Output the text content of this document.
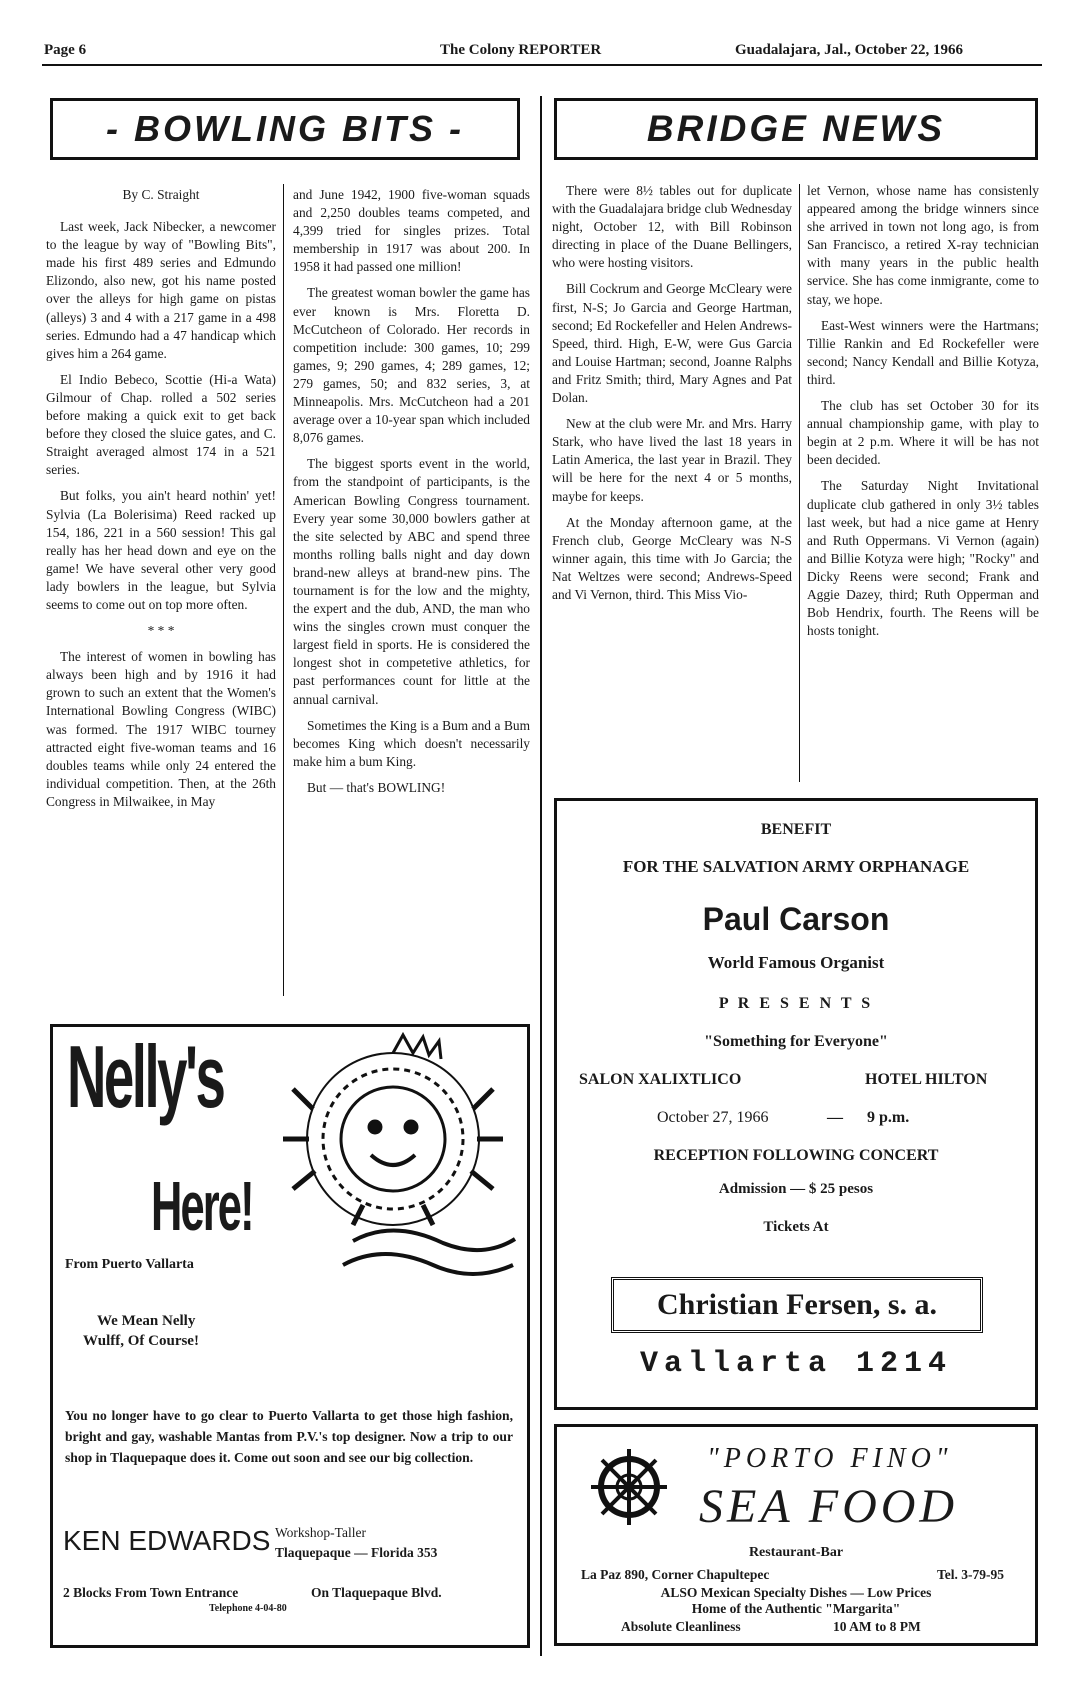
Page 6	The Colony REPORTER	Guadalajara, Jal., October 22, 1966
- BOWLING BITS -	BRIDGE NEWS

By C. Straight

Last week, Jack Nibecker, a newcomer to the league by way of "Bowling Bits", made his first 489 series and Edmundo Elizondo, also new, got his name posted over the alleys for high game on pistas (alleys) 3 and 4 with a 217 game in a 498 series. Edmundo had a 47 handicap which gives him a 264 game.

El Indio Bebeco, Scottie (Hi-a Wata) Gilmour of Chap. rolled a 502 series before making a quick exit to get back before they closed the sluice gates, and C. Straight averaged almost 174 in a 521 series.

But folks, you ain't heard nothin' yet! Sylvia (La Bolerisima) Reed racked up 154, 186, 221 in a 560 session! This gal really has her head down and eye on the game! We have several other very good lady bowlers in the league, but Sylvia seems to come out on top more often.

* * *

The interest of women in bowling has always been high and by 1916 it had grown to such an extent that the Women's International Bowling Congress (WIBC) was formed. The 1917 WIBC tourney attracted eight five-woman teams and 16 doubles teams while only 24 entered the individual competition. Then, at the 26th Congress in Milwaikee, in May

and June 1942, 1900 five-woman squads and 2,250 doubles teams competed, and 4,399 tried for singles prizes. Total membership in 1917 was about 200. In 1958 it had passed one million!

The greatest woman bowler the game has ever known is Mrs. Floretta D. McCutcheon of Colorado. Her records in competition include: 300 games, 10; 299 games, 9; 290 games, 4; 289 games, 12; 279 games, 50; and 832 series, 3, at Minneapolis. Mrs. McCutcheon had a 201 average over a 10-year span which included 8,076 games.

The biggest sports event in the world, from the standpoint of participants, is the American Bowling Congress tournament. Every year some 30,000 bowlers gather at the site selected by ABC and spend three months rolling balls night and day down brand-new alleys at brand-new pins. The tournament is for the low and the mighty, the expert and the dub, AND, the man who wins the singles crown must conquer the largest field in sports. He is considered the longest shot in competetive athletics, for past performances count for little at the annual carnival.

Sometimes the King is a Bum and a Bum becomes King which doesn't necessarily make him a bum King.

But — that's BOWLING!

There were 8½ tables out for duplicate with the Guadalajara bridge club Wednesday night, October 12, with Bill Robinson directing in place of the Duane Bellingers, who were hosting visitors.

Bill Cockrum and George McCleary were first, N-S; Jo Garcia and George Hartman, second; Ed Rockefeller and Helen Andrews-Speed, third. High, E-W, were Gus Garcia and Louise Hartman; second, Joanne Ralphs and Fritz Smith; third, Mary Agnes and Pat Dolan.

New at the club were Mr. and Mrs. Harry Stark, who have lived the last 18 years in Latin America, the last year in Brazil. They will be here for the next 4 or 5 months, maybe for keeps.

At the Monday afternoon game, at the French club, George McCleary was N-S winner again, this time with Jo Garcia; the Nat Weltzes were second; Andrews-Speed and Vi Vernon, third. This Miss Vio-

let Vernon, whose name has consistenly appeared among the bridge winners since she arrived in town not long ago, is from San Francisco, a retired X-ray technician with many years in the public health service. She has come inmigrante, come to stay, we hope.

East-West winners were the Hartmans; Tillie Rankin and Ed Rockefeller were second; Nancy Kendall and Billie Kotyza, third.

The club has set October 30 for its annual championship game, with play to begin at 2 p.m. Where it will be has not been decided.

The Saturday Night Invitational duplicate club gathered in only 3½ tables last week, but had a nice game at Henry and Ruth Oppermans. Vi Vernon (again) and Billie Kotyza were high; "Rocky" and Dicky Reens were second; Frank and Aggie Dazey, third; Ruth Opperman and Bob Hendrix, fourth. The Reens will be hosts tonight.

Nelly's
Here!
From Puerto Vallarta
We Mean Nelly
Wulff, Of Course!
You no longer have to go clear to Puerto Vallarta to get those high fashion, bright and gay, washable Mantas from P.V.'s top designer. Now a trip to our shop in Tlaquepaque does it. Come out soon and see our big collection.
KEN EDWARDS Workshop-Taller
Tlaquepaque — Florida 353
2 Blocks From Town Entrance	On Tlaquepaque Blvd.
Telephone 4-04-80
BENEFIT
FOR THE SALVATION ARMY ORPHANAGE
Paul Carson
World Famous Organist
P R E S E N T S
"Something for Everyone"
SALON XALIXTLICO	HOTEL HILTON
October 27, 1966	— 9 p.m.
RECEPTION FOLLOWING CONCERT
Admission — $ 25 pesos
Tickets At
Christian Fersen, s. a.
Vallarta 1214
"PORTO FINO"
SEA FOOD
Restaurant-Bar
La Paz 890, Corner Chapultepec	Tel. 3-79-95
ALSO Mexican Specialty Dishes — Low Prices
Home of the Authentic "Margarita"
Absolute Cleanliness	10 AM to 8 PM
